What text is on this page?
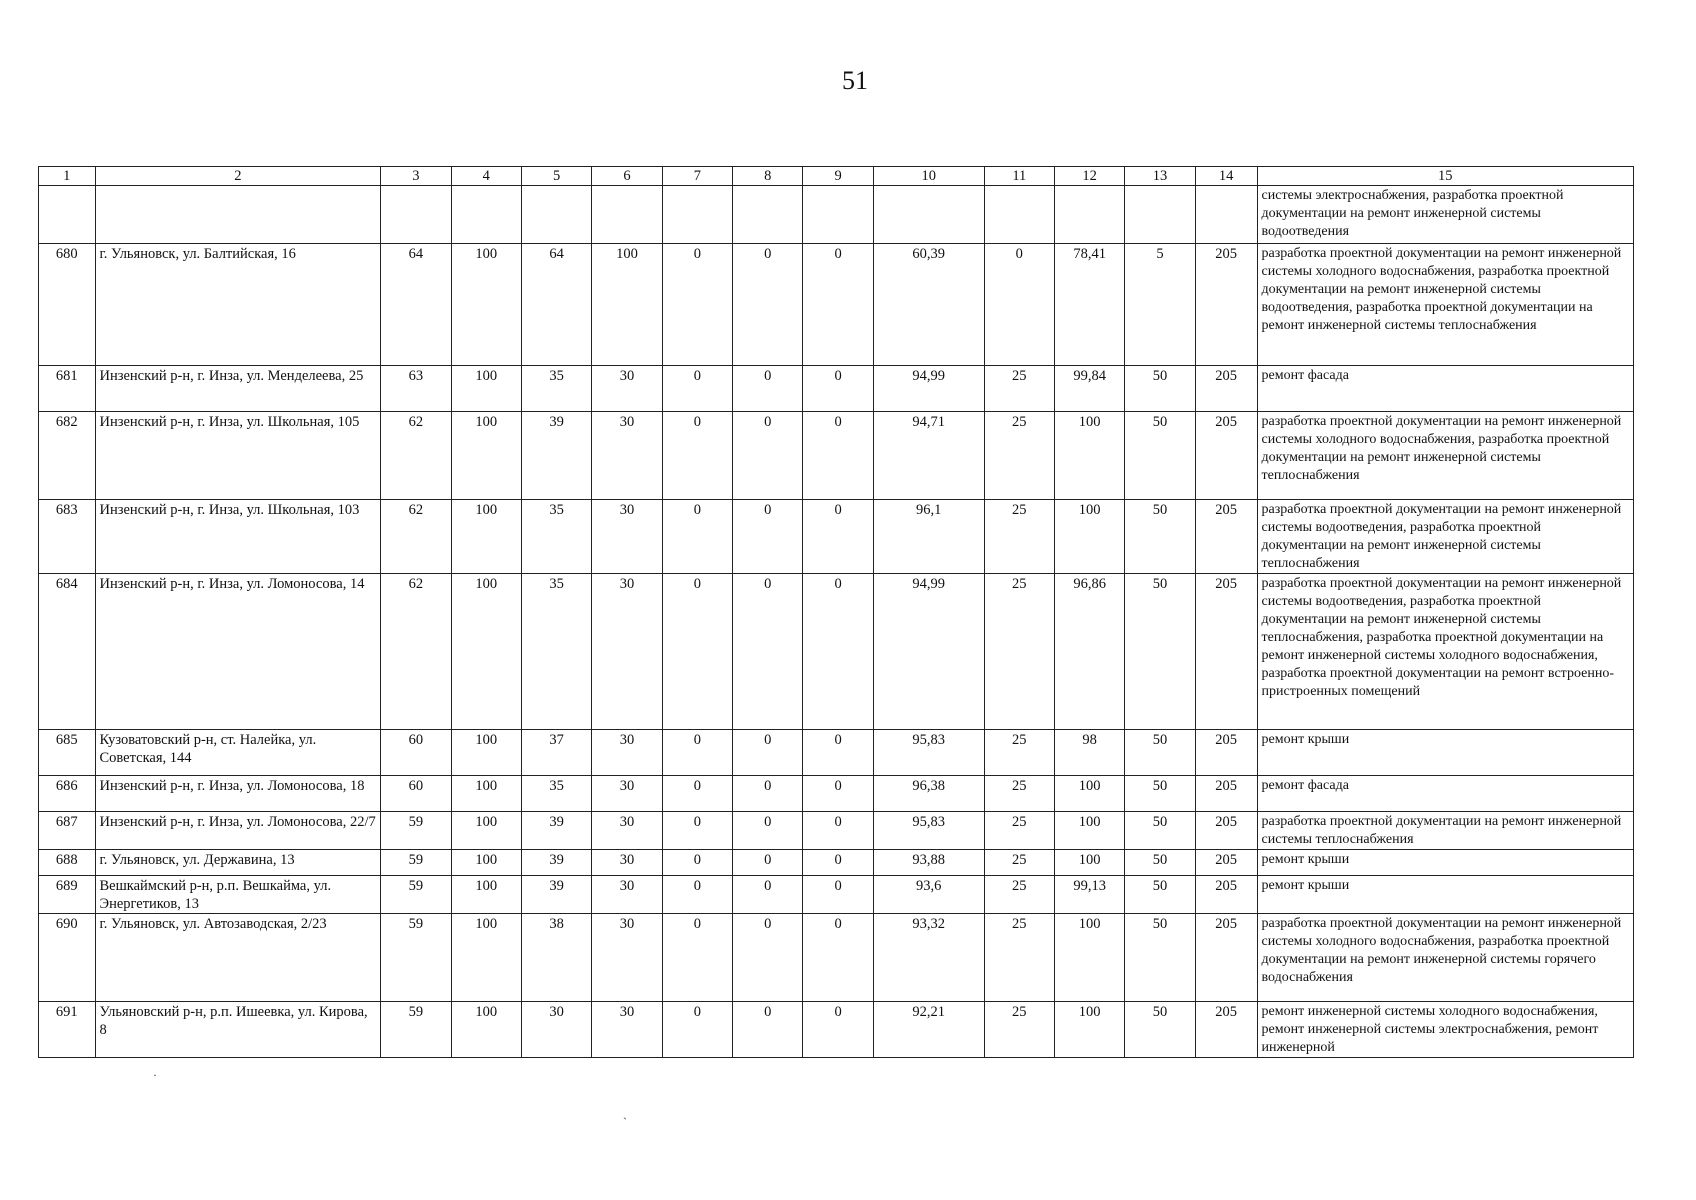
51
1	2	3	4	5	6	7	8	9	10	11	12	13	14	15
														системы электроснабжения, разработка проектной документации на ремонт инженерной системы водоотведения
680	г. Ульяновск, ул. Балтийская, 16	64	100	64	100	0	0	0	60,39	0	78,41	5	205	разработка проектной документации на ремонт инженерной системы холодного водоснабжения, разработка проектной документации на ремонт инженерной системы водоотведения, разработка проектной документации на ремонт инженерной системы теплоснабжения
681	Инзенский р-н, г. Инза, ул. Менделеева, 25	63	100	35	30	0	0	0	94,99	25	99,84	50	205	ремонт фасада
682	Инзенский р-н, г. Инза, ул. Школьная, 105	62	100	39	30	0	0	0	94,71	25	100	50	205	разработка проектной документации на ремонт инженерной системы холодного водоснабжения, разработка проектной документации на ремонт инженерной системы теплоснабжения
683	Инзенский р-н, г. Инза, ул. Школьная, 103	62	100	35	30	0	0	0	96,1	25	100	50	205	разработка проектной документации на ремонт инженерной системы водоотведения, разработка проектной документации на ремонт инженерной системы теплоснабжения
684	Инзенский р-н, г. Инза, ул. Ломоносова, 14	62	100	35	30	0	0	0	94,99	25	96,86	50	205	разработка проектной документации на ремонт инженерной системы водоотведения, разработка проектной документации на ремонт инженерной системы теплоснабжения, разработка проектной документации на ремонт инженерной системы холодного водоснабжения, разработка проектной документации на ремонт встроенно-пристроенных помещений
685	Кузоватовский р-н, ст. Налейка, ул. Советская, 144	60	100	37	30	0	0	0	95,83	25	98	50	205	ремонт крыши
686	Инзенский р-н, г. Инза, ул. Ломоносова, 18	60	100	35	30	0	0	0	96,38	25	100	50	205	ремонт фасада
687	Инзенский р-н, г. Инза, ул. Ломоносова, 22/7	59	100	39	30	0	0	0	95,83	25	100	50	205	разработка проектной документации на ремонт инженерной системы теплоснабжения
688	г. Ульяновск, ул. Державина, 13	59	100	39	30	0	0	0	93,88	25	100	50	205	ремонт крыши
689	Вешкаймский р-н, р.п. Вешкайма, ул. Энергетиков, 13	59	100	39	30	0	0	0	93,6	25	99,13	50	205	ремонт крыши
690	г. Ульяновск, ул. Автозаводская, 2/23	59	100	38	30	0	0	0	93,32	25	100	50	205	разработка проектной документации на ремонт инженерной системы холодного водоснабжения, разработка проектной документации на ремонт инженерной системы горячего водоснабжения
691	Ульяновский р-н, р.п. Ишеевка, ул. Кирова, 8	59	100	30	30	0	0	0	92,21	25	100	50	205	ремонт инженерной системы холодного водоснабжения, ремонт инженерной системы электроснабжения, ремонт инженерной
·
ˏ
